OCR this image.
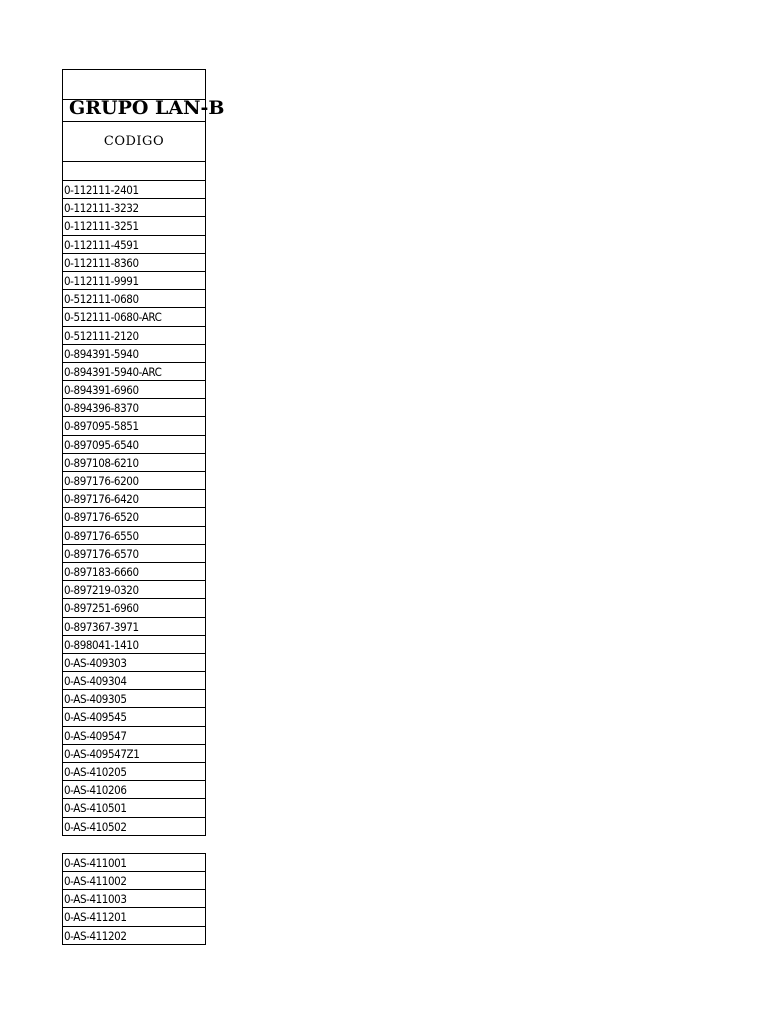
GRUPO LAN-B
CODIGO
0-112111-2401
0-112111-3232
0-112111-3251
0-112111-4591
0-112111-8360
0-112111-9991
0-512111-0680
0-512111-0680-ARC
0-512111-2120
0-894391-5940
0-894391-5940-ARC
0-894391-6960
0-894396-8370
0-897095-5851
0-897095-6540
0-897108-6210
0-897176-6200
0-897176-6420
0-897176-6520
0-897176-6550
0-897176-6570
0-897183-6660
0-897219-0320
0-897251-6960
0-897367-3971
0-898041-1410
0-AS-409303
0-AS-409304
0-AS-409305
0-AS-409545
0-AS-409547
0-AS-409547Z1
0-AS-410205
0-AS-410206
0-AS-410501
0-AS-410502
0-AS-411001
0-AS-411002
0-AS-411003
0-AS-411201
0-AS-411202
